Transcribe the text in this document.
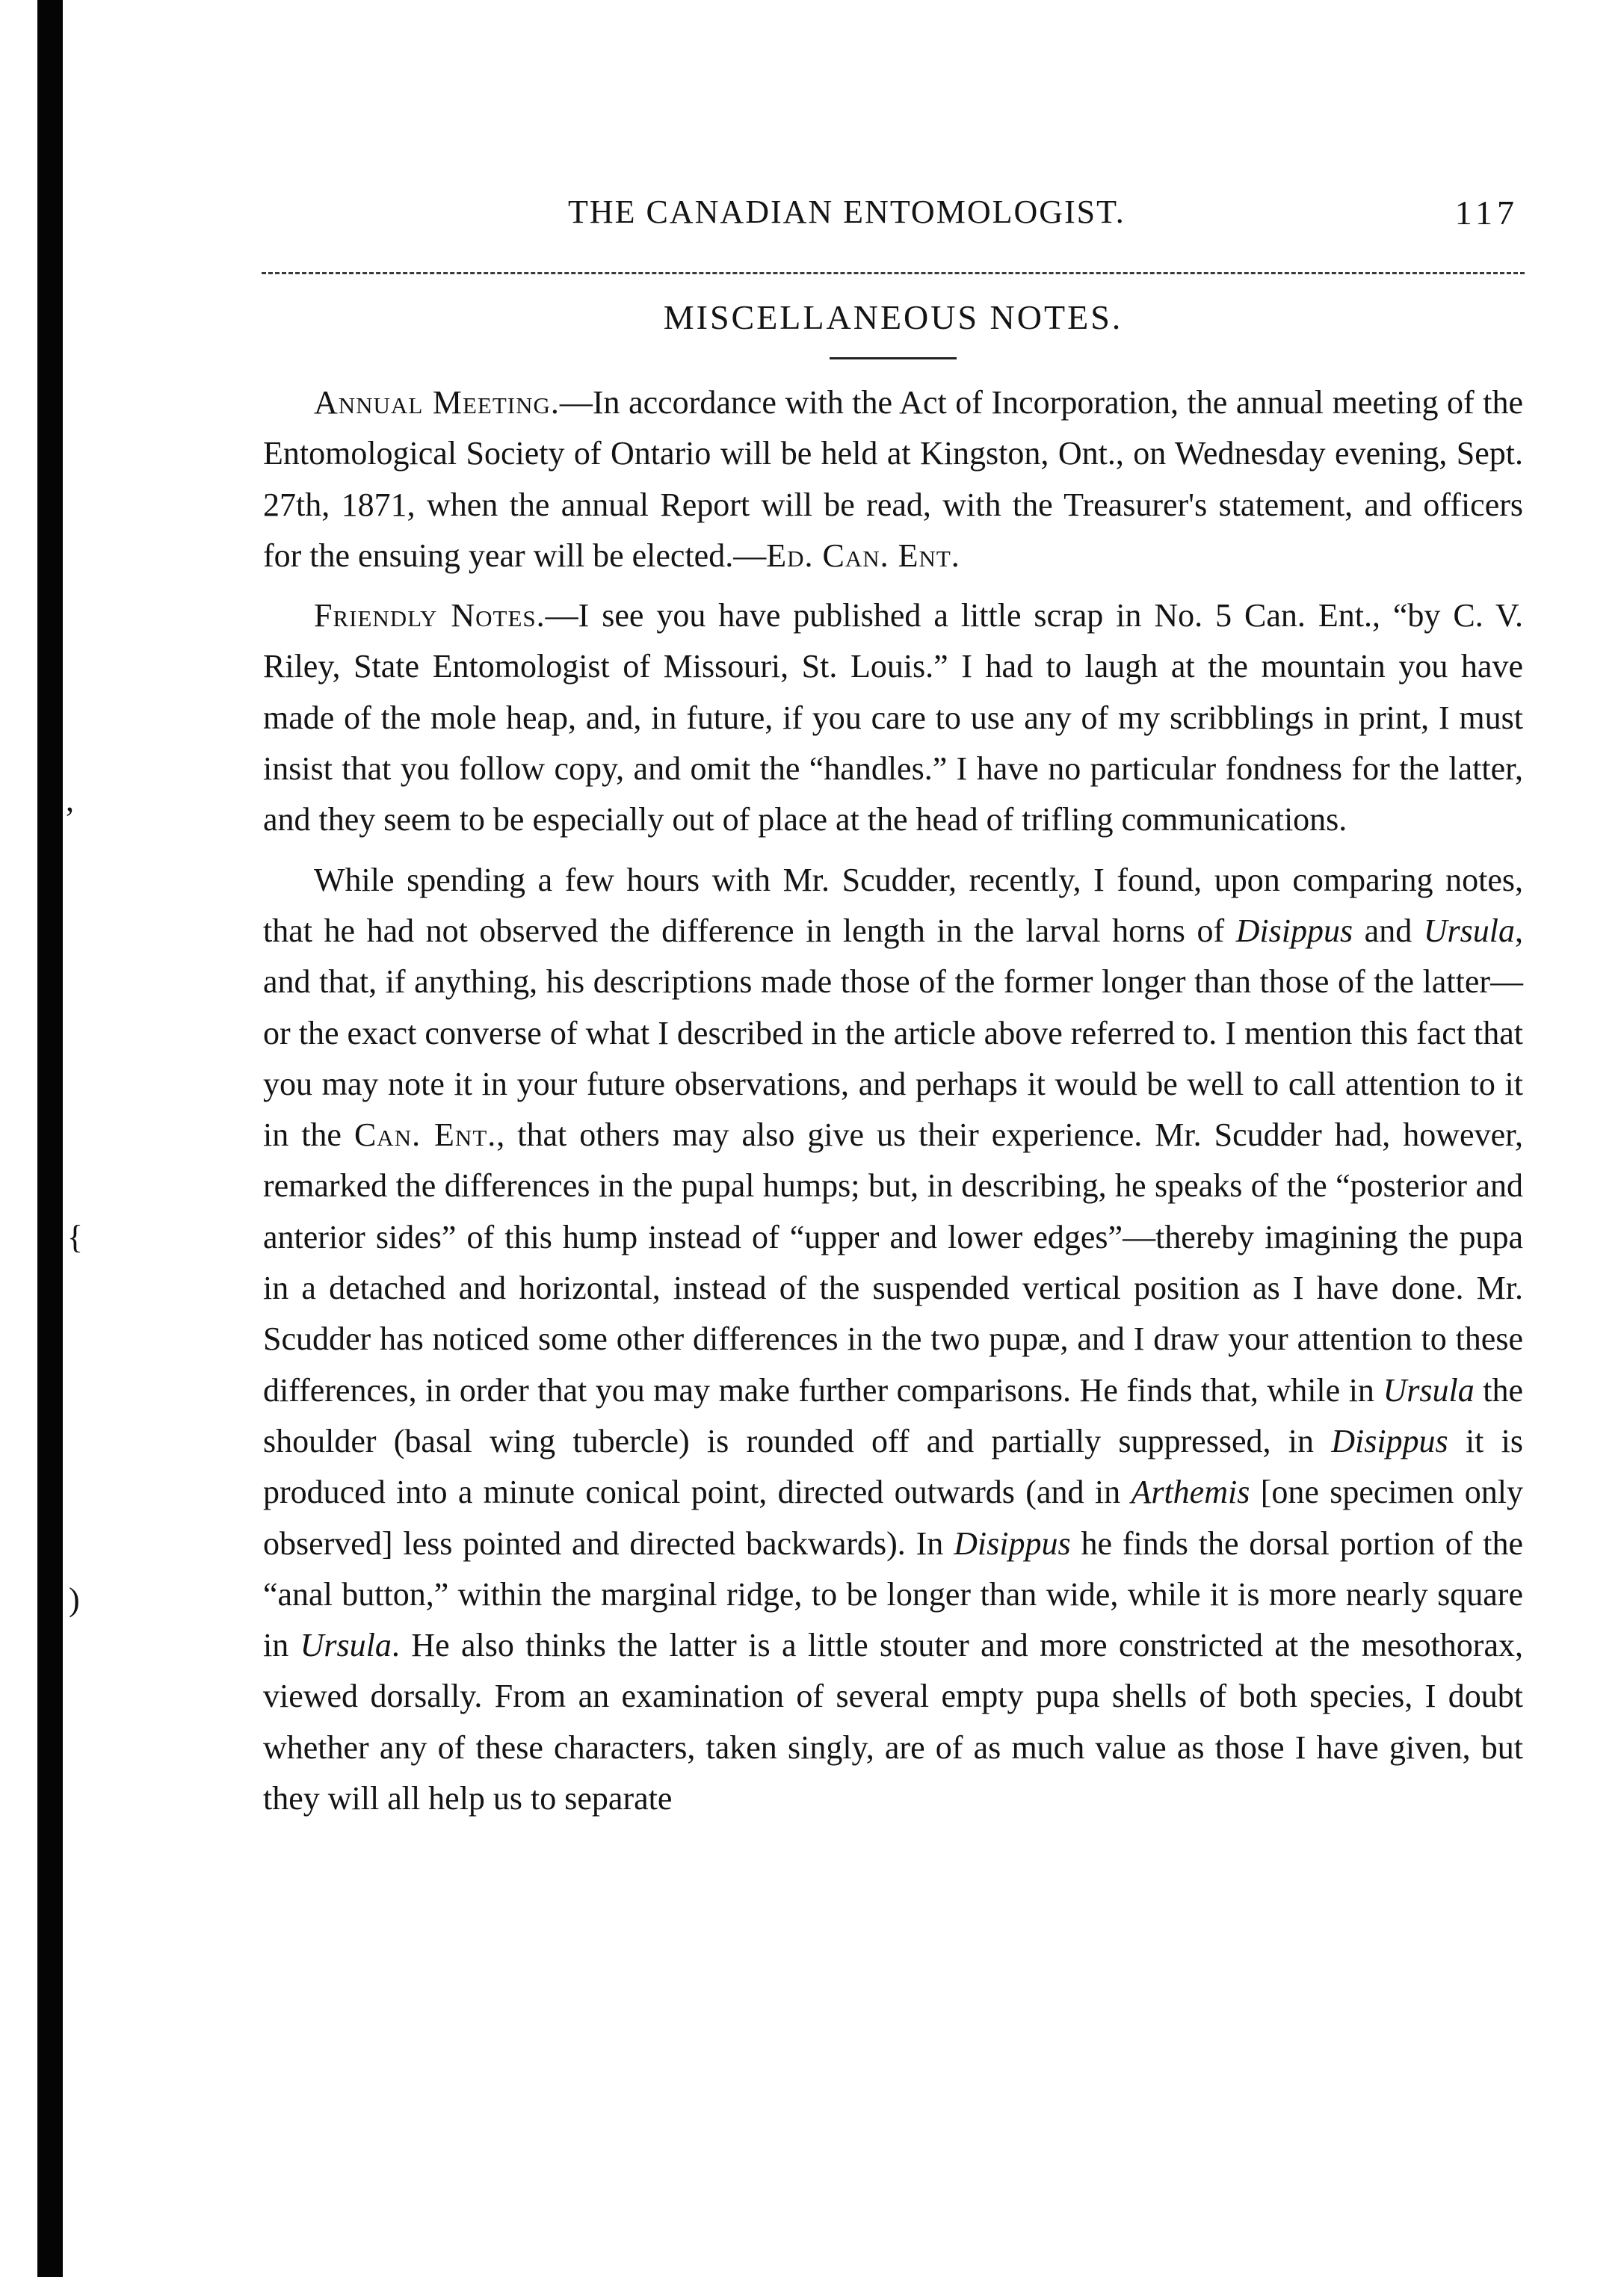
,
{
)
THE CANADIAN ENTOMOLOGIST.	117
MISCELLANEOUS NOTES.

Annual Meeting.—In accordance with the Act of Incorporation, the annual meeting of the Entomological Society of Ontario will be held at Kingston, Ont., on Wednesday evening, Sept. 27th, 1871, when the annual Report will be read, with the Treasurer's statement, and officers for the ensuing year will be elected.—Ed. Can. Ent.

Friendly Notes.—I see you have published a little scrap in No. 5 Can. Ent., “by C. V. Riley, State Entomologist of Missouri, St. Louis.” I had to laugh at the mountain you have made of the mole heap, and, in future, if you care to use any of my scribblings in print, I must insist that you follow copy, and omit the “handles.” I have no particular fondness for the latter, and they seem to be especially out of place at the head of trifling communications.

While spending a few hours with Mr. Scudder, recently, I found, upon comparing notes, that he had not observed the difference in length in the larval horns of Disippus and Ursula, and that, if anything, his descriptions made those of the former longer than those of the latter—or the exact converse of what I described in the article above referred to. I mention this fact that you may note it in your future observations, and perhaps it would be well to call attention to it in the Can. Ent., that others may also give us their experience. Mr. Scudder had, however, remarked the differences in the pupal humps; but, in describing, he speaks of the “posterior and anterior sides” of this hump instead of “upper and lower edges”—thereby imagining the pupa in a detached and horizontal, instead of the suspended vertical position as I have done. Mr. Scudder has noticed some other differences in the two pupæ, and I draw your attention to these differences, in order that you may make further comparisons. He finds that, while in Ursula the shoulder (basal wing tubercle) is rounded off and partially suppressed, in Disippus it is produced into a minute conical point, directed outwards (and in Arthemis [one specimen only observed] less pointed and directed backwards). In Disippus he finds the dorsal portion of the “anal button,” within the marginal ridge, to be longer than wide, while it is more nearly square in Ursula. He also thinks the latter is a little stouter and more constricted at the mesothorax, viewed dorsally. From an examination of several empty pupa shells of both species, I doubt whether any of these characters, taken singly, are of as much value as those I have given, but they will all help us to separate
